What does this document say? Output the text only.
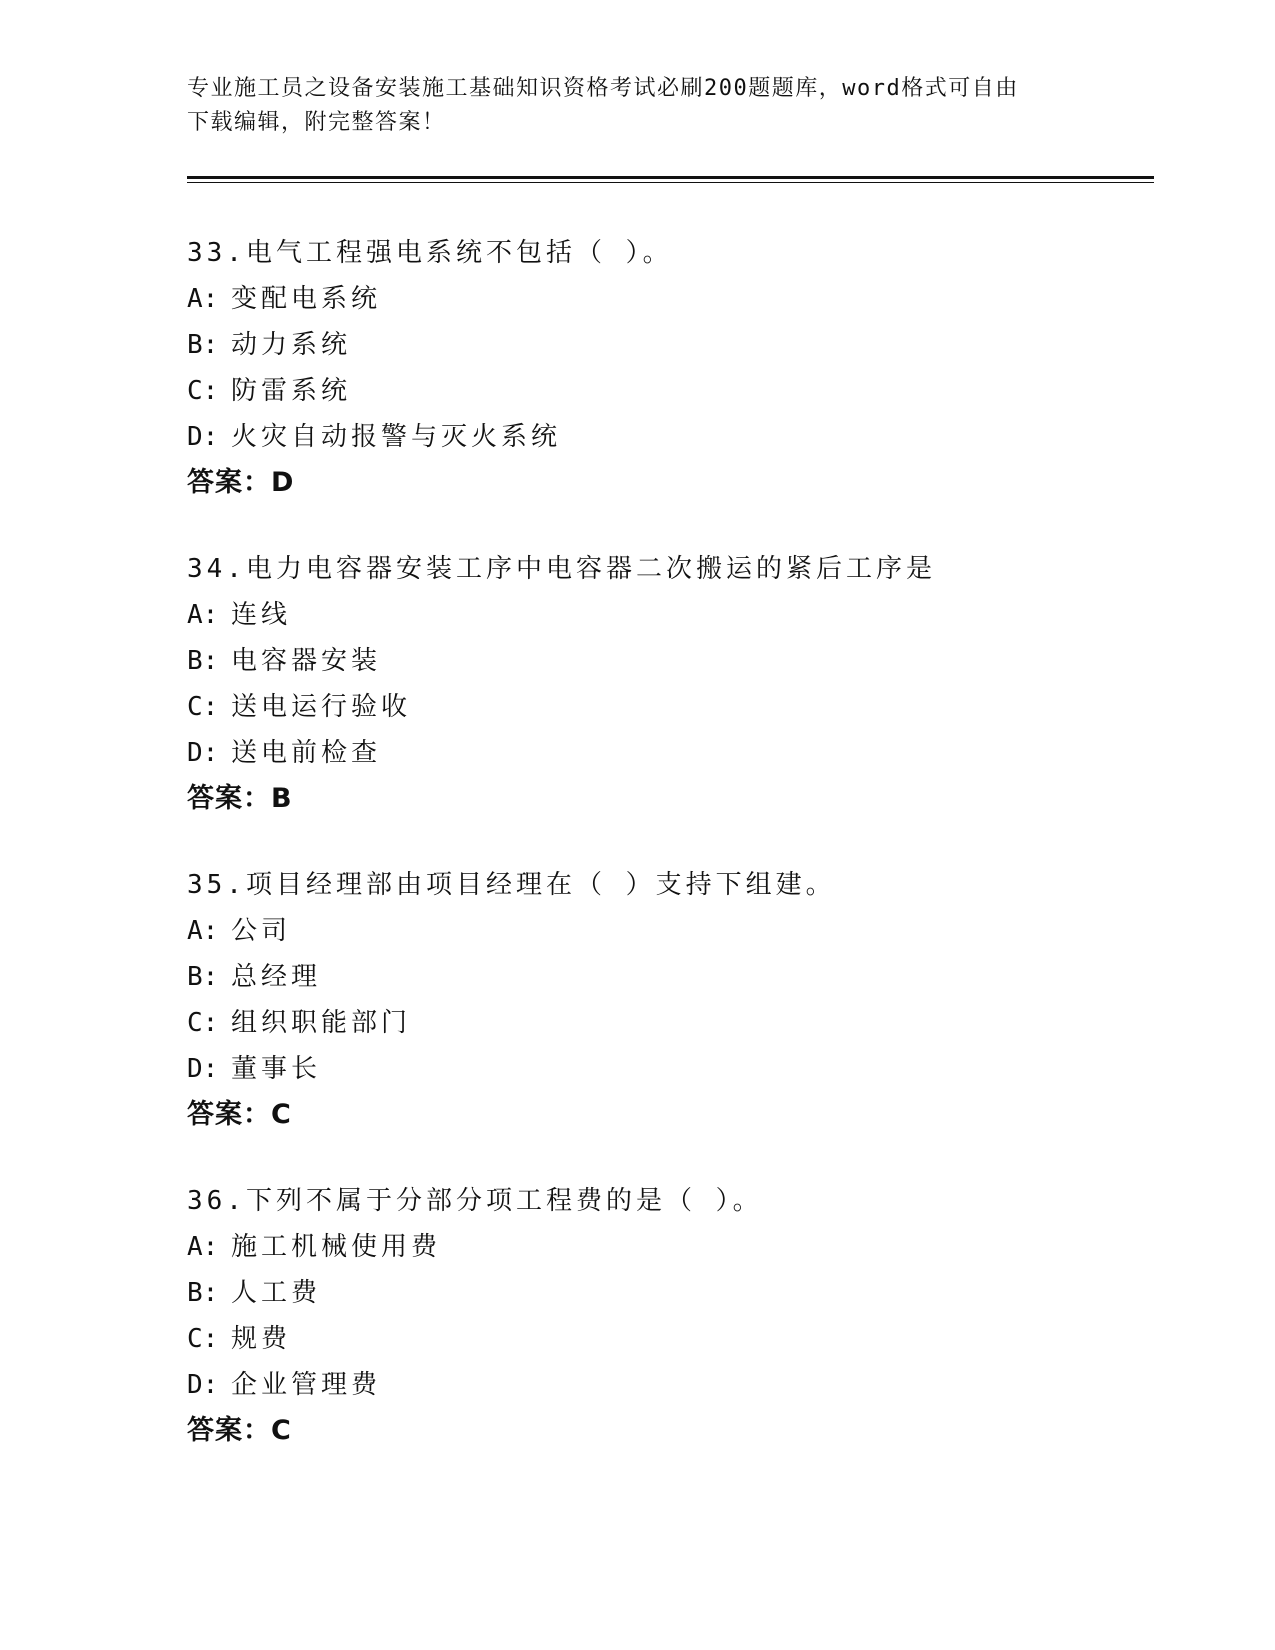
专业施工员之设备安装施工基础知识资格考试必刷200题题库，word格式可自由
下载编辑，附完整答案！
33.电气工程强电系统不包括（ ）。
A: 变配电系统
B: 动力系统
C: 防雷系统
D: 火灾自动报警与灭火系统
答案：D
34.电力电容器安装工序中电容器二次搬运的紧后工序是
A: 连线
B: 电容器安装
C: 送电运行验收
D: 送电前检查
答案：B
35.项目经理部由项目经理在（ ）支持下组建。
A: 公司
B: 总经理
C: 组织职能部门
D: 董事长
答案：C
36.下列不属于分部分项工程费的是（ ）。
A: 施工机械使用费
B: 人工费
C: 规费
D: 企业管理费
答案：C
